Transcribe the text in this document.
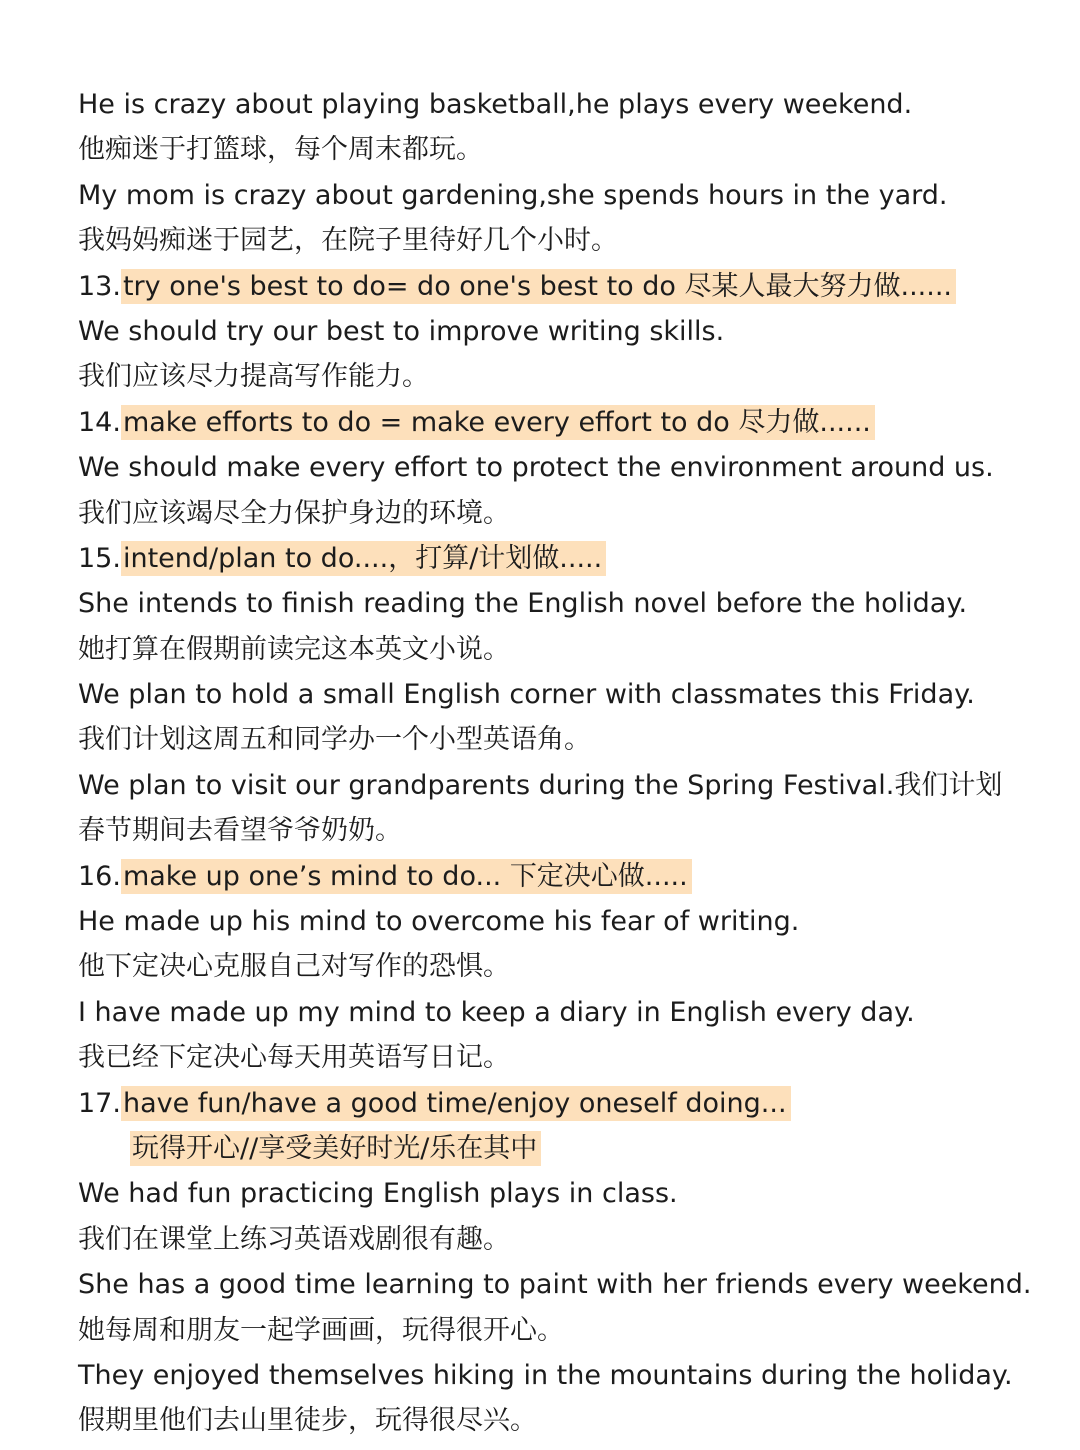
He is crazy about playing basketball,he plays every weekend.
他痴迷于打篮球，每个周末都玩。
My mom is crazy about gardening,she spends hours in the yard.
我妈妈痴迷于园艺，在院子里待好几个小时。
13.try one's best to do= do one's best to do 尽某人最大努力做......
We should try our best to improve writing skills.
我们应该尽力提高写作能力。
14.make efforts to do = make every effort to do 尽力做......
We should make every effort to protect the environment around us.
我们应该竭尽全力保护身边的环境。
15.intend/plan to do....，打算/计划做.....
She intends to finish reading the English novel before the holiday.
她打算在假期前读完这本英文小说。
We plan to hold a small English corner with classmates this Friday.
我们计划这周五和同学办一个小型英语角。
We plan to visit our grandparents during the Spring Festival.我们计划
春节期间去看望爷爷奶奶。
16.make up one’s mind to do... 下定决心做.....
He made up his mind to overcome his fear of writing.
他下定决心克服自己对写作的恐惧。
I have made up my mind to keep a diary in English every day.
我已经下定决心每天用英语写日记。
17.have fun/have a good time/enjoy oneself doing...
玩得开心//享受美好时光/乐在其中
We had fun practicing English plays in class.
我们在课堂上练习英语戏剧很有趣。
She has a good time learning to paint with her friends every weekend.
她每周和朋友一起学画画，玩得很开心。
They enjoyed themselves hiking in the mountains during the holiday.
假期里他们去山里徒步，玩得很尽兴。
